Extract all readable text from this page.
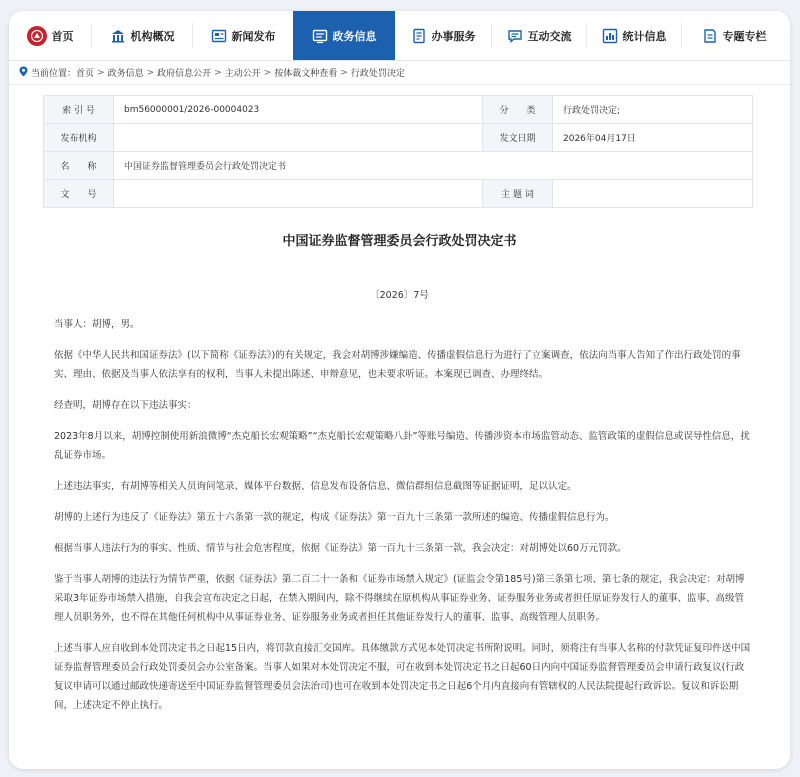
首页	机构概况	新闻发布	政务信息	办事服务	互动交流	统计信息	专题专栏
当前位置： 首页 > 政务信息 > 政府信息公开 > 主动公开 > 按体裁文种查看 > 行政处罚决定
索 引 号	bm56000001/2026-00004023	分　　类	行政处罚决定;
发布机构		发文日期	2026年04月17日
名　　称	中国证券监督管理委员会行政处罚决定书		
文　　号		主 题 词	
中国证券监督管理委员会行政处罚决定书
〔2026〕7号
当事人：胡博，男。
依据《中华人民共和国证券法》(以下简称《证券法》)的有关规定，我会对胡博涉嫌编造、传播虚假信息行为进行了立案调查，依法向当事人告知了作出行政处罚的事实、理由、依据及当事人依法享有的权利，当事人未提出陈述、申辩意见，也未要求听证。本案现已调查、办理终结。
经查明，胡博存在以下违法事实：
2023年8月以来，胡博控制使用新浪微博“杰克船长宏观策略”“杰克船长宏观策略八卦”等账号编造、传播涉资本市场监管动态、监管政策的虚假信息或误导性信息，扰乱证券市场。
上述违法事实，有胡博等相关人员询问笔录、媒体平台数据、信息发布设备信息、微信群组信息截图等证据证明，足以认定。
胡博的上述行为违反了《证券法》第五十六条第一款的规定，构成《证券法》第一百九十三条第一款所述的编造、传播虚假信息行为。
根据当事人违法行为的事实、性质、情节与社会危害程度，依据《证券法》第一百九十三条第一款，我会决定：对胡博处以60万元罚款。
鉴于当事人胡博的违法行为情节严重，依据《证券法》第二百二十一条和《证券市场禁入规定》(证监会令第185号)第三条第七项、第七条的规定，我会决定：对胡博采取3年证券市场禁入措施，自我会宣布决定之日起，在禁入期间内，除不得继续在原机构从事证券业务、证券服务业务或者担任原证券发行人的董事、监事、高级管理人员职务外，也不得在其他任何机构中从事证券业务、证券服务业务或者担任其他证券发行人的董事、监事、高级管理人员职务。
上述当事人应自收到本处罚决定书之日起15日内，将罚款直接汇交国库。具体缴款方式见本处罚决定书所附说明。同时，须将注有当事人名称的付款凭证复印件送中国证券监督管理委员会行政处罚委员会办公室备案。当事人如果对本处罚决定不服，可在收到本处罚决定书之日起60日内向中国证券监督管理委员会申请行政复议(行政复议申请可以通过邮政快递寄送至中国证券监督管理委员会法治司)也可在收到本处罚决定书之日起6个月内直接向有管辖权的人民法院提起行政诉讼。复议和诉讼期间，上述决定不停止执行。
